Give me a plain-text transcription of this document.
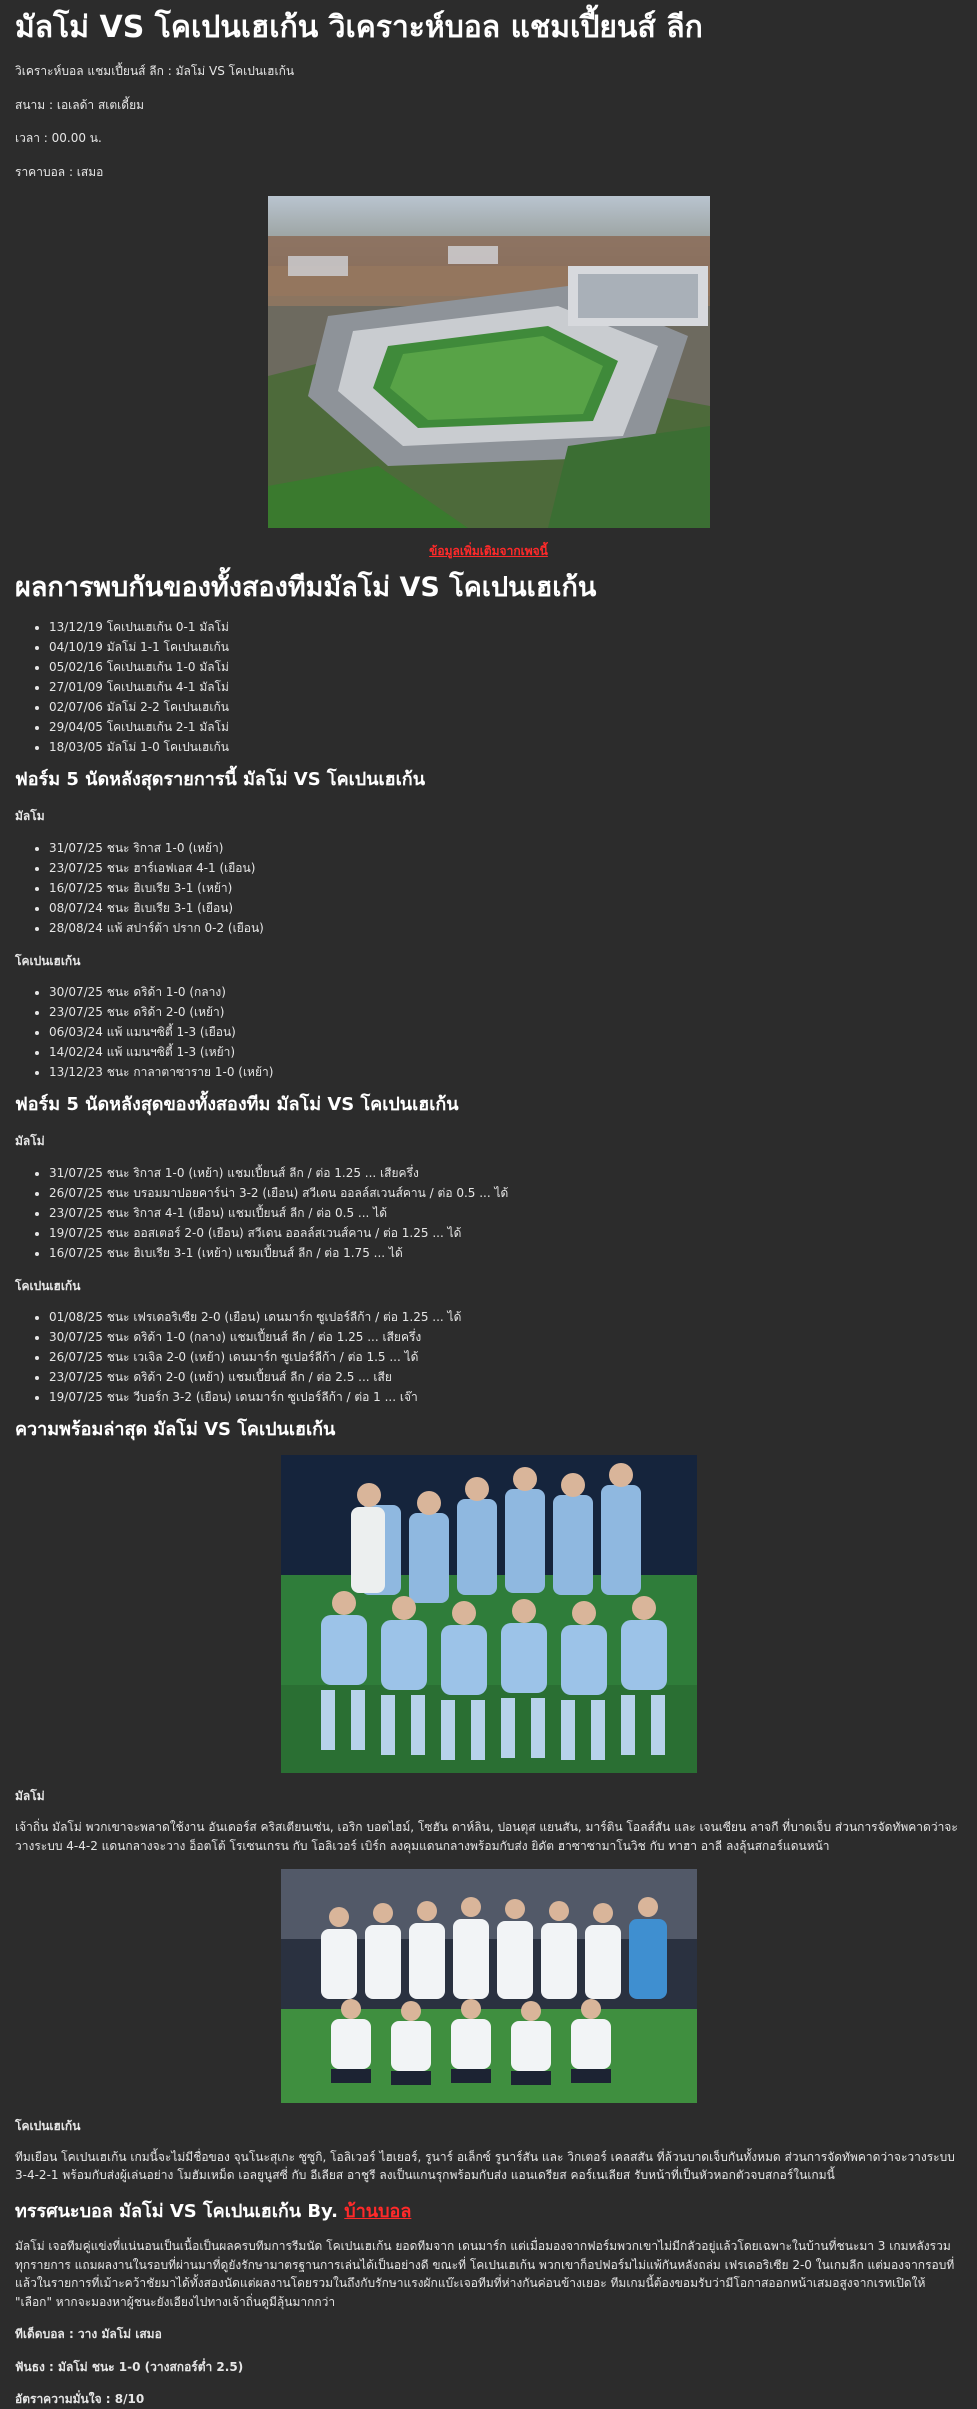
มัลโม่ VS โคเปนเฮเก้น วิเคราะห์บอล แชมเปี้ยนส์ ลีก

วิเคราะห์บอล แชมเปี้ยนส์ ลีก : มัลโม่ VS โคเปนเฮเก้น

สนาม : เอเลด้า สเตเดี้ยม

เวลา : 00.00 น.

ราคาบอล : เสมอ

ข้อมูลเพิ่มเติมจากเพจนี้
ผลการพบกันของทั้งสองทีมมัลโม่ VS โคเปนเฮเก้น
• 13/12/19 โคเปนเฮเก้น 0-1 มัลโม่
• 04/10/19 มัลโม่ 1-1 โคเปนเฮเก้น
• 05/02/16 โคเปนเฮเก้น 1-0 มัลโม่
• 27/01/09 โคเปนเฮเก้น 4-1 มัลโม่
• 02/07/06 มัลโม่ 2-2 โคเปนเฮเก้น
• 29/04/05 โคเปนเฮเก้น 2-1 มัลโม่
• 18/03/05 มัลโม่ 1-0 โคเปนเฮเก้น
ฟอร์ม 5 นัดหลังสุดรายการนี้ มัลโม่ VS โคเปนเฮเก้น
มัลโม
• 31/07/25 ชนะ ริกาส 1-0 (เหย้า)
• 23/07/25 ชนะ ฮาร์เอฟเอส 4-1 (เยือน)
• 16/07/25 ชนะ ฮิเบเรีย 3-1 (เหย้า)
• 08/07/24 ชนะ ฮิเบเรีย 3-1 (เยือน)
• 28/08/24 แพ้ สปาร์ต้า ปราก 0-2 (เยือน)
โคเปนเฮเก้น
• 30/07/25 ชนะ ดริด้า 1-0 (กลาง)
• 23/07/25 ชนะ ดริด้า 2-0 (เหย้า)
• 06/03/24 แพ้ แมนฯซิตี้ 1-3 (เยือน)
• 14/02/24 แพ้ แมนฯซิตี้ 1-3 (เหย้า)
• 13/12/23 ชนะ กาลาตาซาราย 1-0 (เหย้า)
ฟอร์ม 5 นัดหลังสุดของทั้งสองทีม มัลโม่ VS โคเปนเฮเก้น
มัลโม่
• 31/07/25 ชนะ ริกาส 1-0 (เหย้า) แชมเปี้ยนส์ ลีก / ต่อ 1.25 ... เสียครึ่ง
• 26/07/25 ชนะ บรอมมาปอยคาร์น่า 3-2 (เยือน) สวีเดน ออลล์สเวนส์คาน / ต่อ 0.5 ... ได้
• 23/07/25 ชนะ ริกาส 4-1 (เยือน) แชมเปี้ยนส์ ลีก / ต่อ 0.5 ... ได้
• 19/07/25 ชนะ ออสเตอร์ 2-0 (เยือน) สวีเดน ออลล์สเวนส์คาน / ต่อ 1.25 ... ได้
• 16/07/25 ชนะ ฮิเบเรีย 3-1 (เหย้า) แชมเปี้ยนส์ ลีก / ต่อ 1.75 ... ได้
โคเปนเฮเก้น
• 01/08/25 ชนะ เฟรเดอริเซีย 2-0 (เยือน) เดนมาร์ก ซูเปอร์ลีก้า / ต่อ 1.25 ... ได้
• 30/07/25 ชนะ ดริด้า 1-0 (กลาง) แชมเปี้ยนส์ ลีก / ต่อ 1.25 ... เสียครึ่ง
• 26/07/25 ชนะ เวเจิล 2-0 (เหย้า) เดนมาร์ก ซูเปอร์ลีก้า / ต่อ 1.5 ... ได้
• 23/07/25 ชนะ ดริด้า 2-0 (เหย้า) แชมเปี้ยนส์ ลีก / ต่อ 2.5 ... เสีย
• 19/07/25 ชนะ วีบอร์ก 3-2 (เยือน) เดนมาร์ก ซูเปอร์ลีก้า / ต่อ 1 ... เจ๊า
ความพร้อมล่าสุด มัลโม่ VS โคเปนเฮเก้น
มัลโม่

เจ้าถิ่น มัลโม่ พวกเขาจะพลาดใช้งาน อันเดอร์ส คริสเตียนเซ่น, เอริก บอตไฮม์, โซฮัน ดาห์ลิน, ปอนตุส แยนสัน, มาร์ติน โอลส์สัน และ เจนเซียน ลาจกี ที่บาดเจ็บ ส่วนการจัดทัพคาดว่าจะวางระบบ 4-4-2 แดนกลางจะวาง อ็อตโต้ โรเซนเกรน กับ โอลิเวอร์ เบิร์ก ลงคุมแดนกลางพร้อมกับส่ง ยิดัต ฮาซาซามาโนวิช กับ ทาฮา อาลี ลงลุ้นสกอร์แดนหน้า

โคเปนเฮเก้น

ทีมเยือน โคเปนเฮเก้น เกมนี้จะไม่มีชื่อของ จุนโนะสุเกะ ซูซูกิ, โอลิเวอร์ ไฮเยอร์, รูนาร์ อเล็กซ์ รูนาร์สัน และ วิกเตอร์ เคลสสัน ที่ล้วนบาดเจ็บกันทั้งหมด ส่วนการจัดทัพคาดว่าจะวางระบบ 3-4-2-1 พร้อมกับส่งผู้เล่นอย่าง โมฮัมเหม็ด เอลยูนูสซี่ กับ อีเลียส อาชูรี ลงเป็นแกนรุกพร้อมกับส่ง แอนเดรียส คอร์เนเลียส รับหน้าที่เป็นหัวหอกตัวจบสกอร์ในเกมนี้

ทรรศนะบอล มัลโม่ VS โคเปนเฮเก้น By. บ้านบอล

มัลโม่ เจอทีมคู่แข่งที่แน่นอนเป็นเนื้อเป็นผลครบทีมการรีมนัด โคเปนเฮเก้น ยอดทีมจาก เดนมาร์ก แต่เมื่อมองจากฟอร์มพวกเขาไม่มีกลัวอยู่แล้วโดยเฉพาะในบ้านที่ชนะมา 3 เกมหลังรวมทุกรายการ แถมผลงานในรอบที่ผ่านมาที่ดูยังรักษามาตรฐานการเล่นได้เป็นอย่างดี ขณะที่ โคเปนเฮเก้น พวกเขาก็อปฟอร์มไม่แพ้กันหลังถล่ม เฟรเดอริเซีย 2-0 ในเกมลีก แต่มองจากรอบที่แล้วในรายการที่เม้าะคว้าชัยมาได้ทั้งสองนัดแต่ผลงานโดยรวมในถึงกับรักษาแรงผักแบ๊ะเจอทีมที่ห่างกันค่อนข้างเยอะ ทีมเกมนี้ต้องขอมรับว่ามีโอกาสออกหน้าเสมอสูงจากเรทเปิดให้ "เลือก" หากจะมองหาผู้ชนะยังเอียงไปทางเจ้าถิ่นดูมีลุ้นมากกว่า

ทีเด็ดบอล : วาง มัลโม่ เสมอ

ฟันธง : มัลโม่ ชนะ 1-0 (วางสกอร์ต่ำ 2.5)

อัตราความมั่นใจ : 8/10
